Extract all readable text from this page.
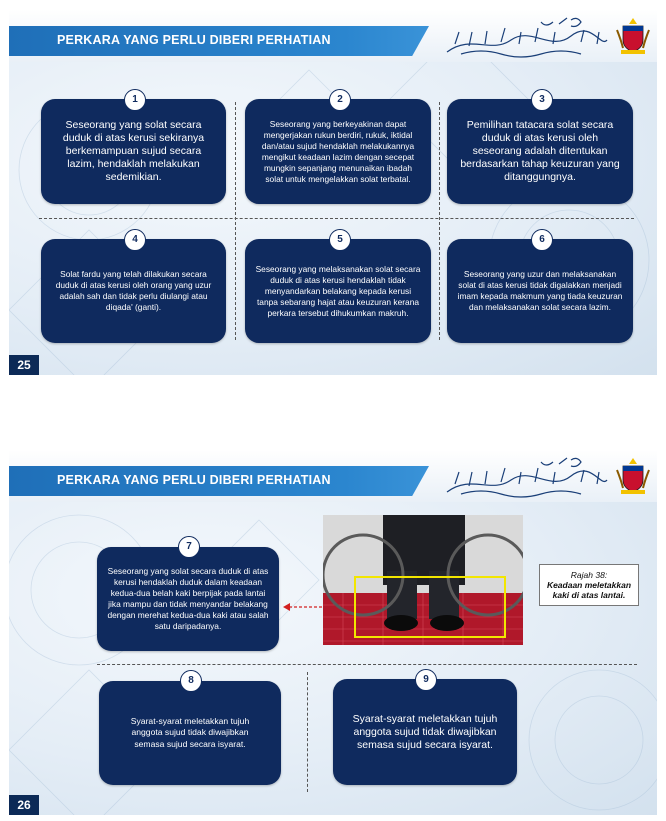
PERKARA YANG PERLU DIBERI PERHATIAN
Seseorang yang solat secara duduk di atas kerusi sekiranya berkemampuan sujud secara lazim, hendaklah melakukan sedemikian.
1
Seseorang yang berkeyakinan dapat mengerjakan rukun berdiri, rukuk, iktidal dan/atau sujud hendaklah melakukannya mengikut keadaan lazim dengan secepat mungkin sepanjang menunaikan ibadah solat untuk mengelakkan solat terbatal.
2
Pemilihan tatacara solat secara duduk di atas kerusi oleh seseorang adalah ditentukan berdasarkan tahap keuzuran yang ditanggungnya.
3
Solat fardu yang telah dilakukan secara duduk di atas kerusi oleh orang yang uzur adalah sah dan tidak perlu diulangi atau diqada' (ganti).
4
Seseorang yang melaksanakan solat secara duduk di atas kerusi hendaklah tidak menyandarkan belakang kepada kerusi tanpa sebarang hajat atau keuzuran kerana perkara tersebut dihukumkan makruh.
5
Seseorang yang uzur dan melaksanakan solat di atas kerusi tidak digalakkan menjadi imam kepada makmum yang tiada keuzuran dan melaksanakan solat secara lazim.
6
25
PERKARA YANG PERLU DIBERI PERHATIAN
Rajah 38:
Keadaan meletakkan kaki di atas lantai.
Seseorang yang solat secara duduk di atas kerusi hendaklah duduk dalam keadaan kedua-dua belah kaki berpijak pada lantai jika mampu dan tidak menyandar belakang dengan merehat kedua-dua kaki atau salah satu daripadanya.
7
Syarat-syarat meletakkan tujuh anggota sujud tidak diwajibkan semasa sujud secara isyarat.
8
Syarat-syarat meletakkan tujuh anggota sujud tidak diwajibkan semasa sujud secara isyarat.
9
26
